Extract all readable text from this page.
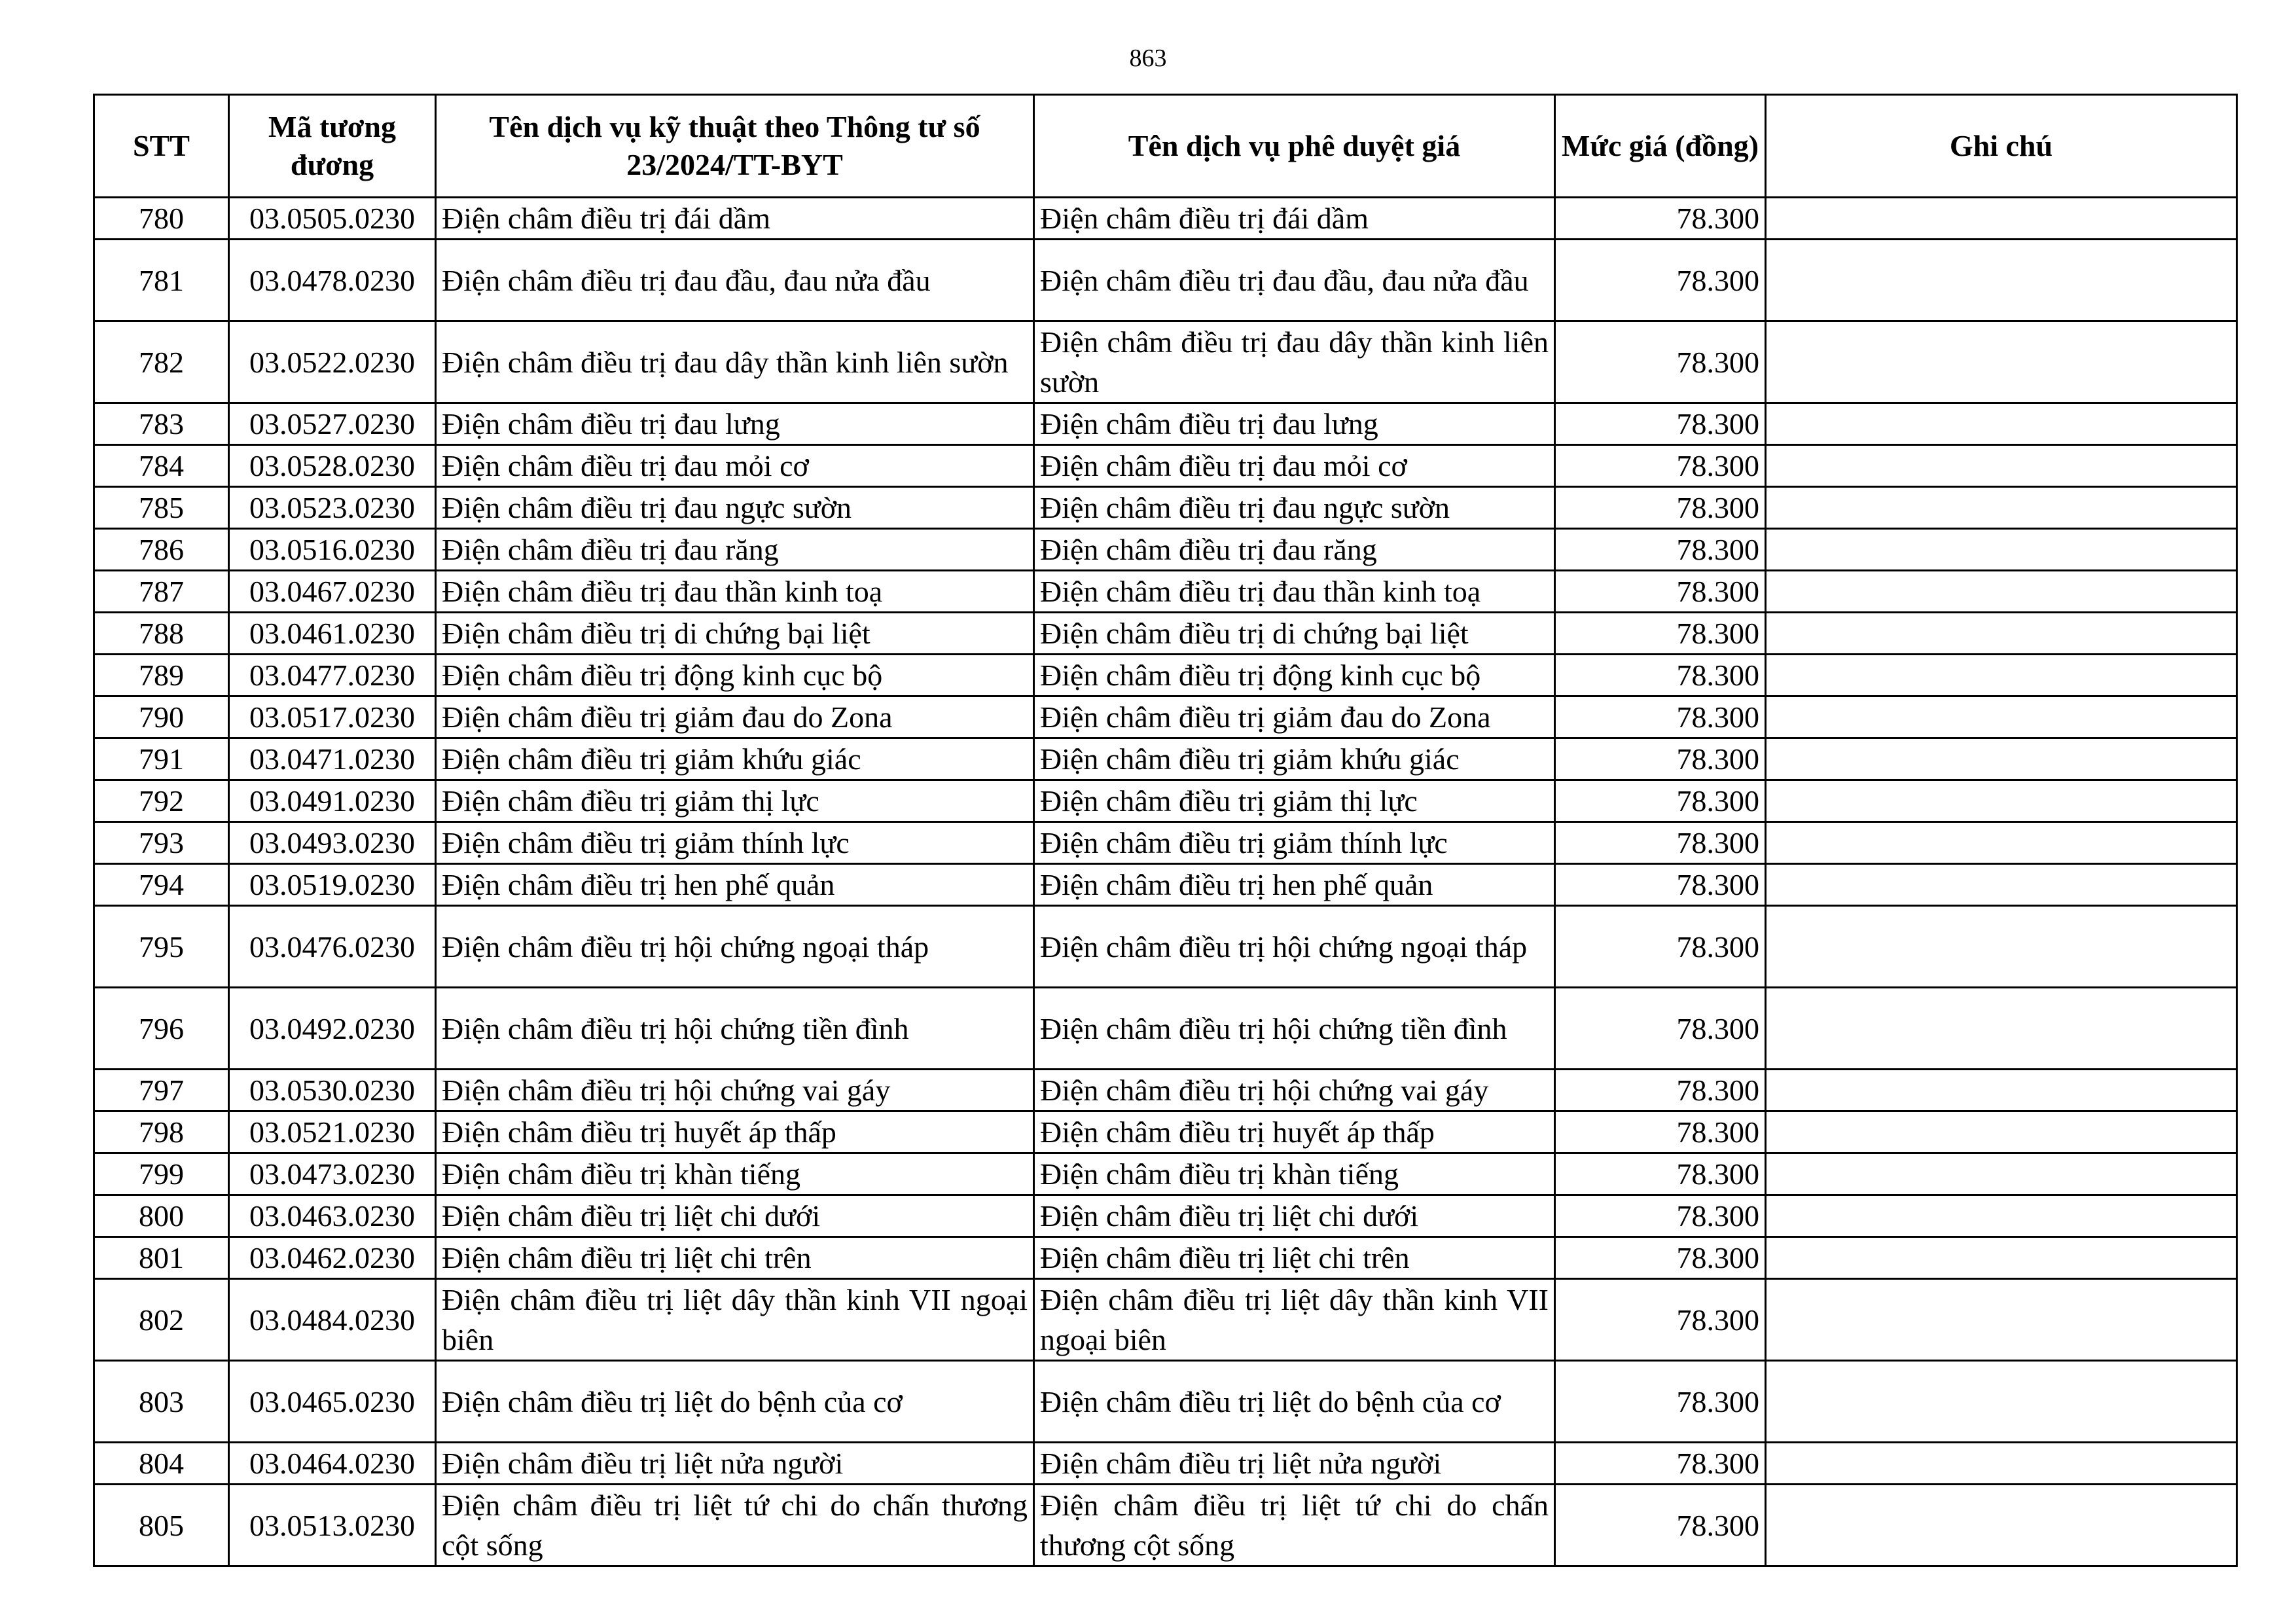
863
STT	Mã tương đương	Tên dịch vụ kỹ thuật theo Thông tư số 23/2024/TT-BYT	Tên dịch vụ phê duyệt giá	Mức giá (đồng)	Ghi chú
780	03.0505.0230	Điện châm điều trị đái dầm	Điện châm điều trị đái dầm	78.300	
781	03.0478.0230	Điện châm điều trị đau đầu, đau nửa đầu	Điện châm điều trị đau đầu, đau nửa đầu	78.300	
782	03.0522.0230	Điện châm điều trị đau dây thần kinh liên sườn	Điện châm điều trị đau dây thần kinh liên sườn	78.300	
783	03.0527.0230	Điện châm điều trị đau lưng	Điện châm điều trị đau lưng	78.300	
784	03.0528.0230	Điện châm điều trị đau mỏi cơ	Điện châm điều trị đau mỏi cơ	78.300	
785	03.0523.0230	Điện châm điều trị đau ngực sườn	Điện châm điều trị đau ngực sườn	78.300	
786	03.0516.0230	Điện châm điều trị đau răng	Điện châm điều trị đau răng	78.300	
787	03.0467.0230	Điện châm điều trị đau thần kinh toạ	Điện châm điều trị đau thần kinh toạ	78.300	
788	03.0461.0230	Điện châm điều trị di chứng bại liệt	Điện châm điều trị di chứng bại liệt	78.300	
789	03.0477.0230	Điện châm điều trị động kinh cục bộ	Điện châm điều trị động kinh cục bộ	78.300	
790	03.0517.0230	Điện châm điều trị giảm đau do Zona	Điện châm điều trị giảm đau do Zona	78.300	
791	03.0471.0230	Điện châm điều trị giảm khứu giác	Điện châm điều trị giảm khứu giác	78.300	
792	03.0491.0230	Điện châm điều trị giảm thị lực	Điện châm điều trị giảm thị lực	78.300	
793	03.0493.0230	Điện châm điều trị giảm thính lực	Điện châm điều trị giảm thính lực	78.300	
794	03.0519.0230	Điện châm điều trị hen phế quản	Điện châm điều trị hen phế quản	78.300	
795	03.0476.0230	Điện châm điều trị hội chứng ngoại tháp	Điện châm điều trị hội chứng ngoại tháp	78.300	
796	03.0492.0230	Điện châm điều trị hội chứng tiền đình	Điện châm điều trị hội chứng tiền đình	78.300	
797	03.0530.0230	Điện châm điều trị hội chứng vai gáy	Điện châm điều trị hội chứng vai gáy	78.300	
798	03.0521.0230	Điện châm điều trị huyết áp thấp	Điện châm điều trị huyết áp thấp	78.300	
799	03.0473.0230	Điện châm điều trị khàn tiếng	Điện châm điều trị khàn tiếng	78.300	
800	03.0463.0230	Điện châm điều trị liệt chi dưới	Điện châm điều trị liệt chi dưới	78.300	
801	03.0462.0230	Điện châm điều trị liệt chi trên	Điện châm điều trị liệt chi trên	78.300	
802	03.0484.0230	Điện châm điều trị liệt dây thần kinh VII ngoại biên	Điện châm điều trị liệt dây thần kinh VII ngoại biên	78.300	
803	03.0465.0230	Điện châm điều trị liệt do bệnh của cơ	Điện châm điều trị liệt do bệnh của cơ	78.300	
804	03.0464.0230	Điện châm điều trị liệt nửa người	Điện châm điều trị liệt nửa người	78.300	
805	03.0513.0230	Điện châm điều trị liệt tứ chi do chấn thương cột sống	Điện châm điều trị liệt tứ chi do chấn thương cột sống	78.300	
